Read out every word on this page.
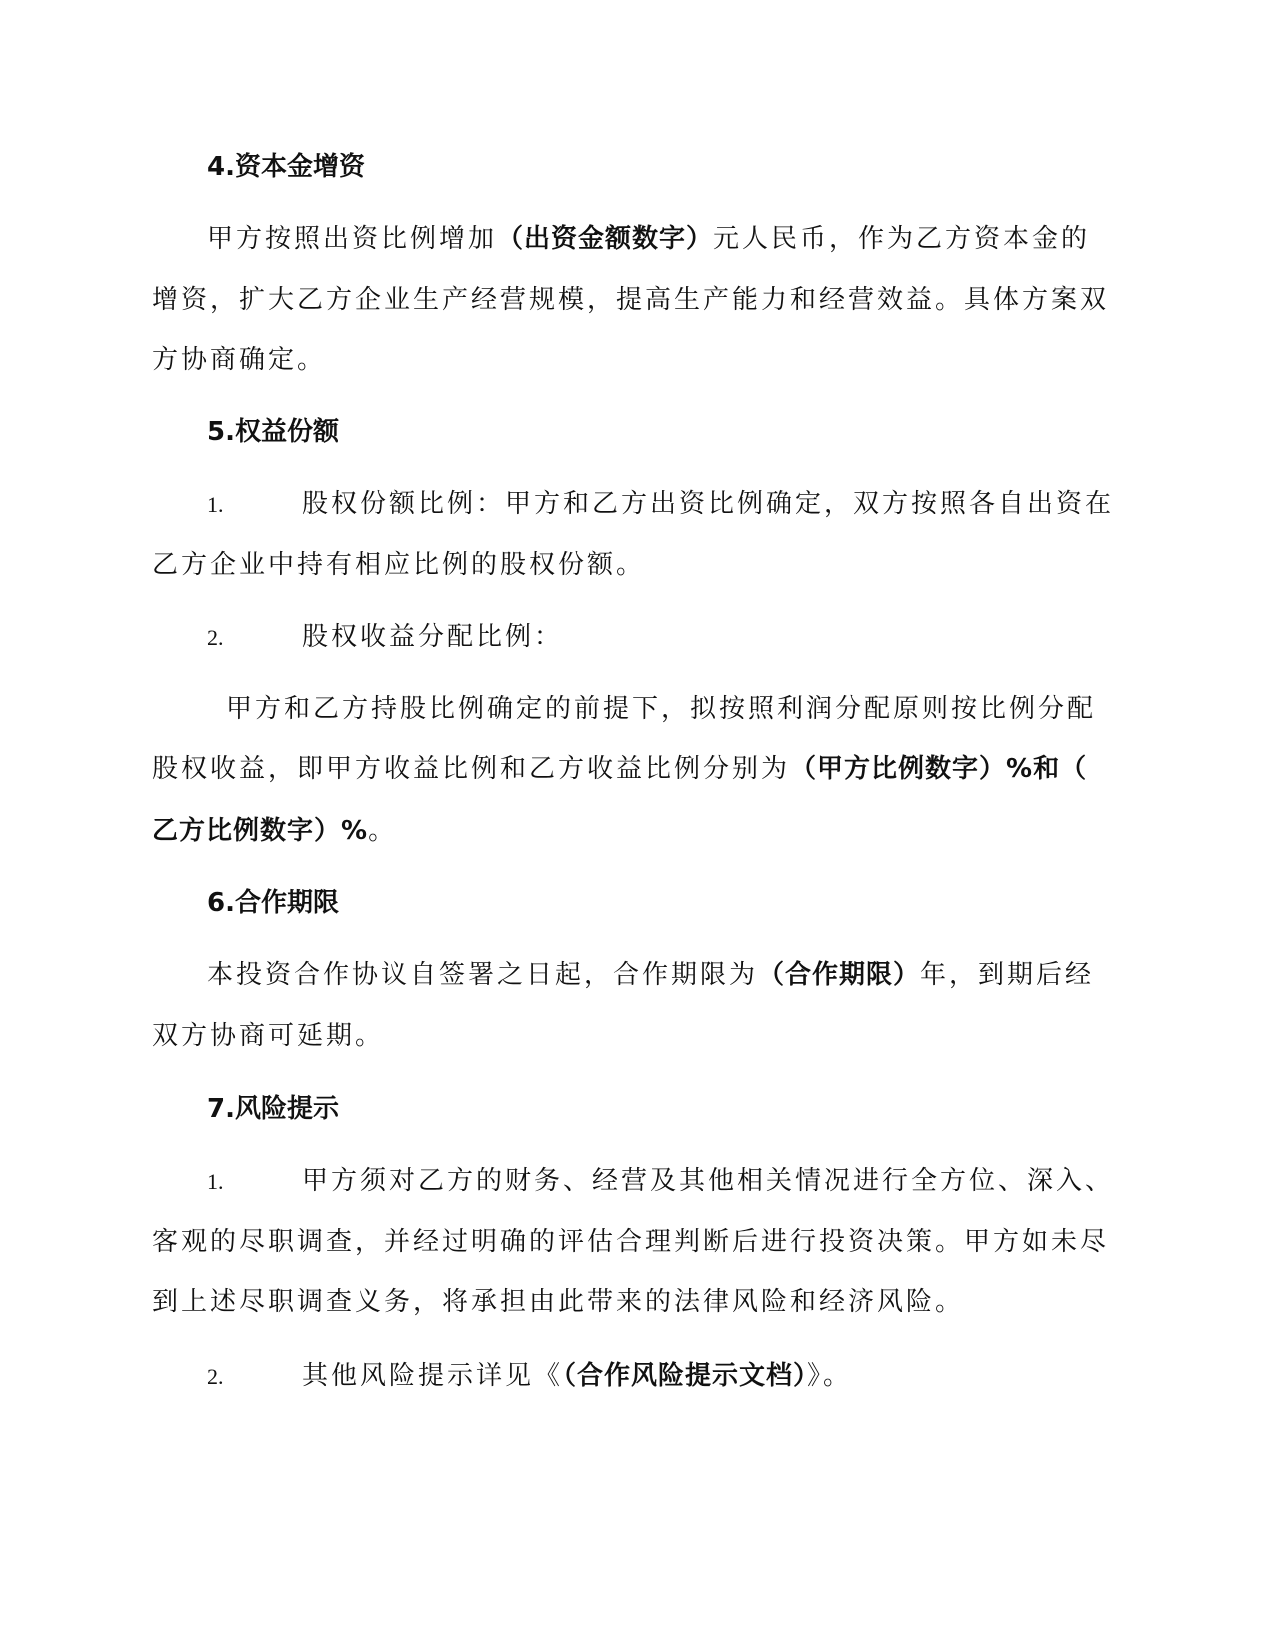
4.资本金增资
甲方按照出资比例增加（出资金额数字）元人民币，作为乙方资本金的
增资，扩大乙方企业生产经营规模，提高生产能力和经营效益。具体方案双
方协商确定。
5.权益份额
1.	股权份额比例：甲方和乙方出资比例确定，双方按照各自出资在
乙方企业中持有相应比例的股权份额。
2.	股权收益分配比例：
甲方和乙方持股比例确定的前提下，拟按照利润分配原则按比例分配
股权收益，即甲方收益比例和乙方收益比例分别为（甲方比例数字）%和（
乙方比例数字）%。
6.合作期限
本投资合作协议自签署之日起，合作期限为（合作期限）年，到期后经
双方协商可延期。
7.风险提示
1.	甲方须对乙方的财务、经营及其他相关情况进行全方位、深入、
客观的尽职调查，并经过明确的评估合理判断后进行投资决策。甲方如未尽
到上述尽职调查义务，将承担由此带来的法律风险和经济风险。
2.	其他风险提示详见《（合作风险提示文档）》。
